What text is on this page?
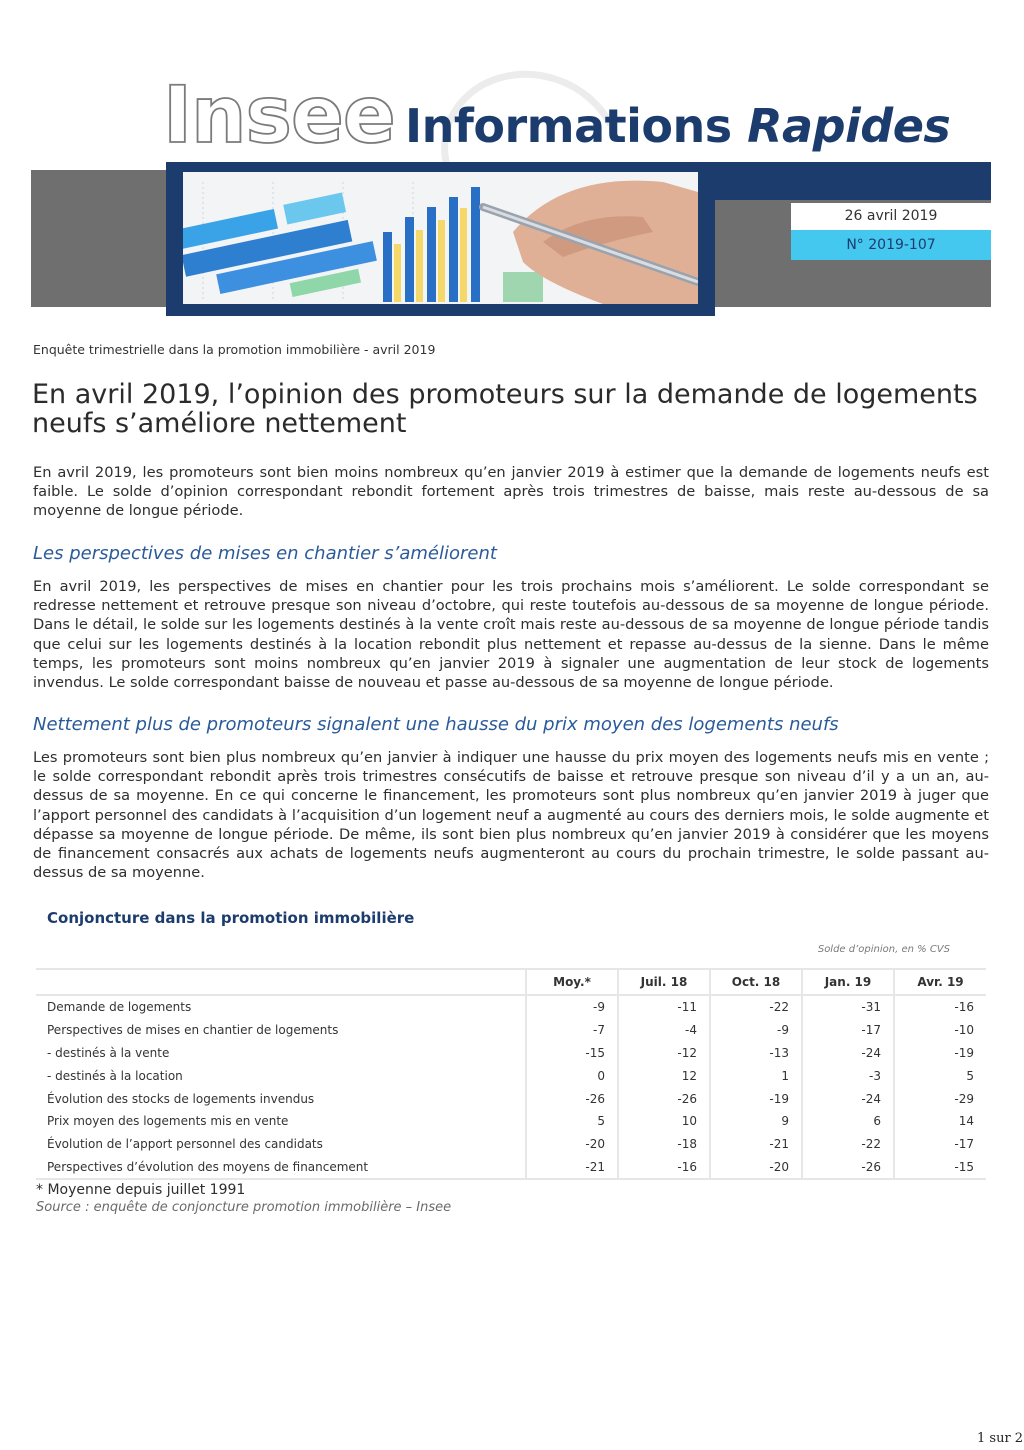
Insee Informations Rapides
26 avril 2019
N° 2019-107
Enquête trimestrielle dans la promotion immobilière - avril 2019
En avril 2019, l’opinion des promoteurs sur la demande de logements neufs s’améliore nettement

En avril 2019, les promoteurs sont bien moins nombreux qu’en janvier 2019 à estimer que la demande de logements neufs est faible. Le solde d’opinion correspondant rebondit fortement après trois trimestres de baisse, mais reste au-dessous de sa moyenne de longue période.

Les perspectives de mises en chantier s’améliorent

En avril 2019, les perspectives de mises en chantier pour les trois prochains mois s’améliorent. Le solde correspondant se redresse nettement et retrouve presque son niveau d’octobre, qui reste toutefois au-dessous de sa moyenne de longue période. Dans le détail, le solde sur les logements destinés à la vente croît mais reste au-dessous de sa moyenne de longue période tandis que celui sur les logements destinés à la location rebondit plus nettement et repasse au-dessus de la sienne. Dans le même temps, les promoteurs sont moins nombreux qu’en janvier 2019 à signaler une augmentation de leur stock de logements invendus. Le solde correspondant baisse de nouveau et passe au-dessous de sa moyenne de longue période.

Nettement plus de promoteurs signalent une hausse du prix moyen des logements neufs

Les promoteurs sont bien plus nombreux qu’en janvier à indiquer une hausse du prix moyen des logements neufs mis en vente ; le solde correspondant rebondit après trois trimestres consécutifs de baisse et retrouve presque son niveau d’il y a un an, au-dessus de sa moyenne. En ce qui concerne le financement, les promoteurs sont plus nombreux qu’en janvier 2019 à juger que l’apport personnel des candidats à l’acquisition d’un logement neuf a augmenté au cours des derniers mois, le solde augmente et dépasse sa moyenne de longue période. De même, ils sont bien plus nombreux qu’en janvier 2019 à considérer que les moyens de financement consacrés aux achats de logements neufs augmenteront au cours du prochain trimestre, le solde passant au-dessus de sa moyenne.

Conjoncture dans la promotion immobilière
Solde d’opinion, en % CVS
	Moy.*	Juil. 18	Oct. 18	Jan. 19	Avr. 19
Demande de logements	-9	-11	-22	-31	-16
Perspectives de mises en chantier de logements	-7	-4	-9	-17	-10
- destinés à la vente	-15	-12	-13	-24	-19
- destinés à la location	0	12	1	-3	5
Évolution des stocks de logements invendus	-26	-26	-19	-24	-29
Prix moyen des logements mis en vente	5	10	9	6	14
Évolution de l’apport personnel des candidats	-20	-18	-21	-22	-17
Perspectives d’évolution des moyens de financement	-21	-16	-20	-26	-15
* Moyenne depuis juillet 1991
Source : enquête de conjoncture promotion immobilière – Insee
1 sur 2
